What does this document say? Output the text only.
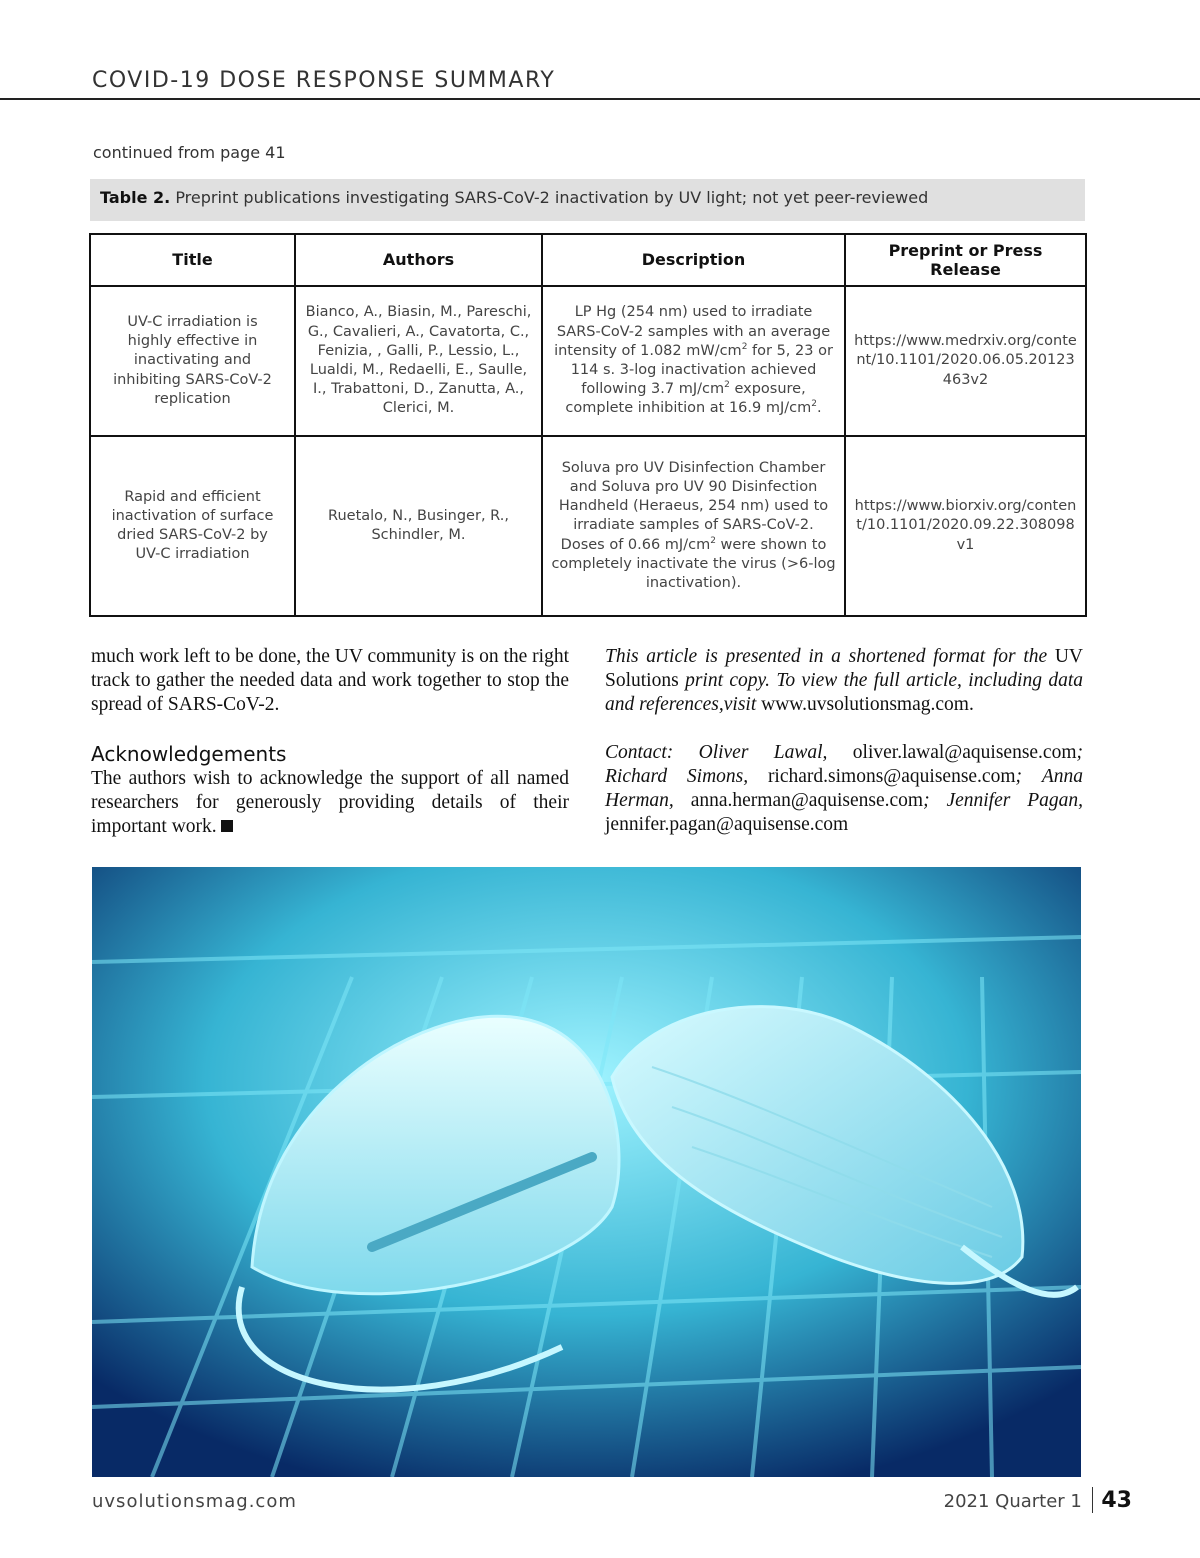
COVID-19 DOSE RESPONSE SUMMARY
continued from page 41
Table 2. Preprint publications investigating SARS-CoV-2 inactivation by UV light; not yet peer-reviewed
Title	Authors	Description	Preprint or Press Release
UV-C irradiation is highly effective in inactivating and inhibiting SARS-CoV-2 replication	Bianco, A., Biasin, M., Pareschi, G., Cavalieri, A., Cavatorta, C., Fenizia, , Galli, P., Lessio, L., Lualdi, M., Redaelli, E., Saulle, I., Trabattoni, D., Zanutta, A., Clerici, M.	LP Hg (254 nm) used to irradiate SARS-CoV-2 samples with an average intensity of 1.082 $mW/cm^2$ for 5, 23 or 114 s. 3-log inactivation achieved following 3.7 $mJ/cm^2$ exposure, complete inhibition at 16.9 $mJ/cm^2$.	https://www.medrxiv.org/content/10.1101/2020.06.05.20123463v2
Rapid and efficient inactivation of surface dried SARS-CoV-2 by UV-C irradiation	Ruetalo, N., Businger, R., Schindler, M.	Soluva pro UV Disinfection Chamber and Soluva pro UV 90 Disinfection Handheld (Heraeus, 254 nm) used to irradiate samples of SARS-CoV-2. Doses of 0.66 $mJ/cm^2$ were shown to completely inactivate the virus (>6-log inactivation).	https://www.biorxiv.org/content/10.1101/2020.09.22.308098v1

much work left to be done, the UV community is on the right track to gather the needed data and work together to stop the spread of SARS-CoV-2.

Acknowledgements

The authors wish to acknowledge the support of all named researchers for generously providing details of their important work.

This article is presented in a shortened format for the UV Solutions print copy. To view the full article, including data and references,visit www.uvsolutionsmag.com.

Contact: Oliver Lawal, oliver.lawal@aquisense.com; Richard Simons, richard.simons@aquisense.com; Anna Herman, anna.herman@aquisense.com; Jennifer Pagan, jennifer.pagan@aquisense.com

uvsolutionsmag.com	2021 Quarter 1 43
